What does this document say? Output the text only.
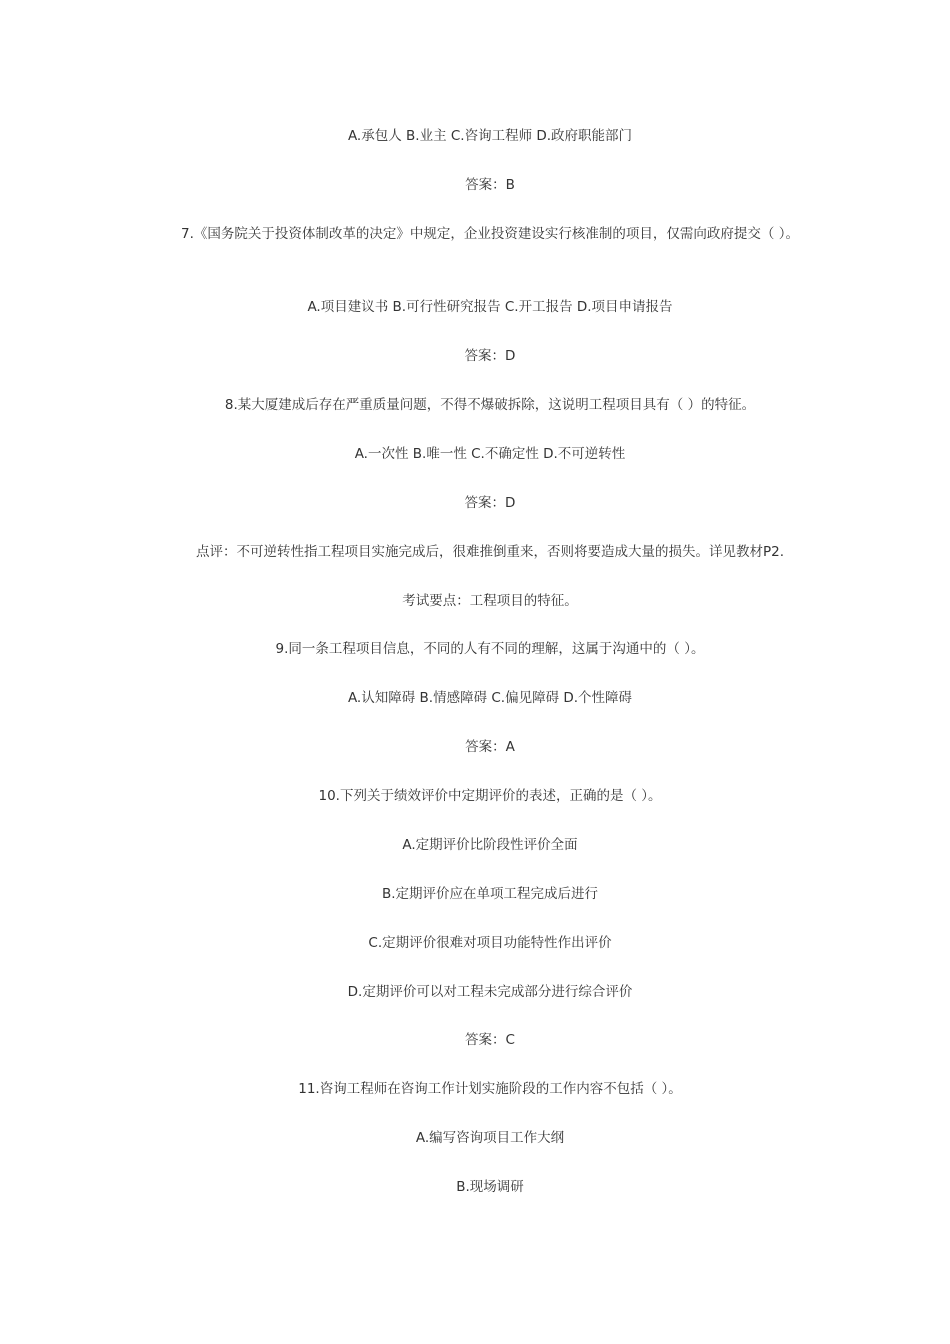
A.承包人 B.业主 C.咨询工程师 D.政府职能部门
答案：B
7.《国务院关于投资体制改革的决定》中规定，企业投资建设实行核准制的项目，仅需向政府提交（ ）。
A.项目建议书 B.可行性研究报告 C.开工报告 D.项目申请报告
答案：D
8.某大厦建成后存在严重质量问题，不得不爆破拆除，这说明工程项目具有（ ）的特征。
A.一次性 B.唯一性 C.不确定性 D.不可逆转性
答案：D
点评：不可逆转性指工程项目实施完成后，很难推倒重来，否则将要造成大量的损失。详见教材P2.
考试要点：工程项目的特征。
9.同一条工程项目信息，不同的人有不同的理解，这属于沟通中的（ ）。
A.认知障碍 B.情感障碍 C.偏见障碍 D.个性障碍
答案：A
10.下列关于绩效评价中定期评价的表述，正确的是（ ）。
A.定期评价比阶段性评价全面
B.定期评价应在单项工程完成后进行
C.定期评价很难对项目功能特性作出评价
D.定期评价可以对工程未完成部分进行综合评价
答案：C
11.咨询工程师在咨询工作计划实施阶段的工作内容不包括（ ）。
A.编写咨询项目工作大纲
B.现场调研
